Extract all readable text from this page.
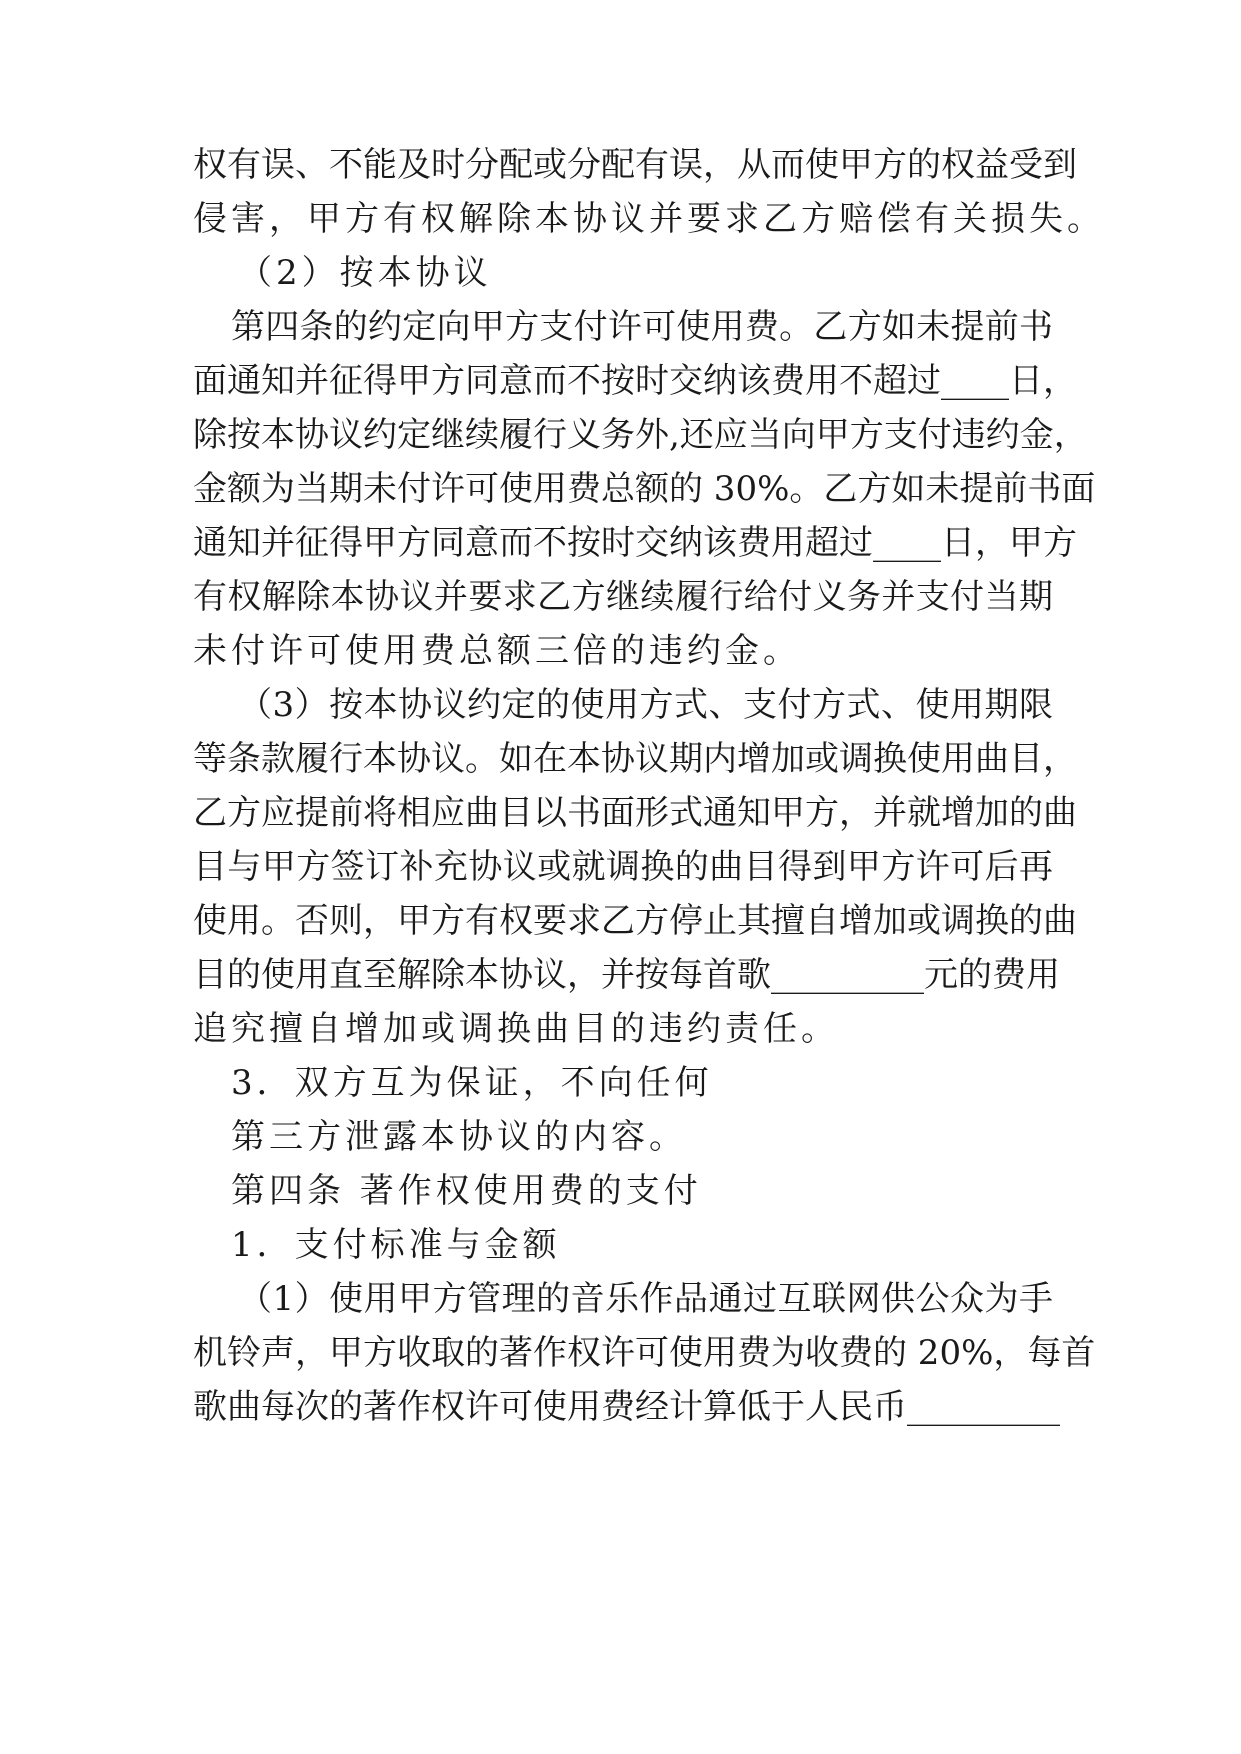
权有误、不能及时分配或分配有误，从而使甲方的权益受到
侵害，甲方有权解除本协议并要求乙方赔偿有关损失。
（2）按本协议
第四条的约定向甲方支付许可使用费。乙方如未提前书
面通知并征得甲方同意而不按时交纳该费用不超过____日，
除按本协议约定继续履行义务外,还应当向甲方支付违约金，
金额为当期未付许可使用费总额的 30%。乙方如未提前书面
通知并征得甲方同意而不按时交纳该费用超过____日，甲方
有权解除本协议并要求乙方继续履行给付义务并支付当期
未付许可使用费总额三倍的违约金。
（3）按本协议约定的使用方式、支付方式、使用期限
等条款履行本协议。如在本协议期内增加或调换使用曲目，
乙方应提前将相应曲目以书面形式通知甲方，并就增加的曲
目与甲方签订补充协议或就调换的曲目得到甲方许可后再
使用。否则，甲方有权要求乙方停止其擅自增加或调换的曲
目的使用直至解除本协议，并按每首歌_________元的费用
追究擅自增加或调换曲目的违约责任。
3．双方互为保证，不向任何
第三方泄露本协议的内容。
第四条 著作权使用费的支付
1．支付标准与金额
（1）使用甲方管理的音乐作品通过互联网供公众为手
机铃声，甲方收取的著作权许可使用费为收费的 20%，每首
歌曲每次的著作权许可使用费经计算低于人民币_________
